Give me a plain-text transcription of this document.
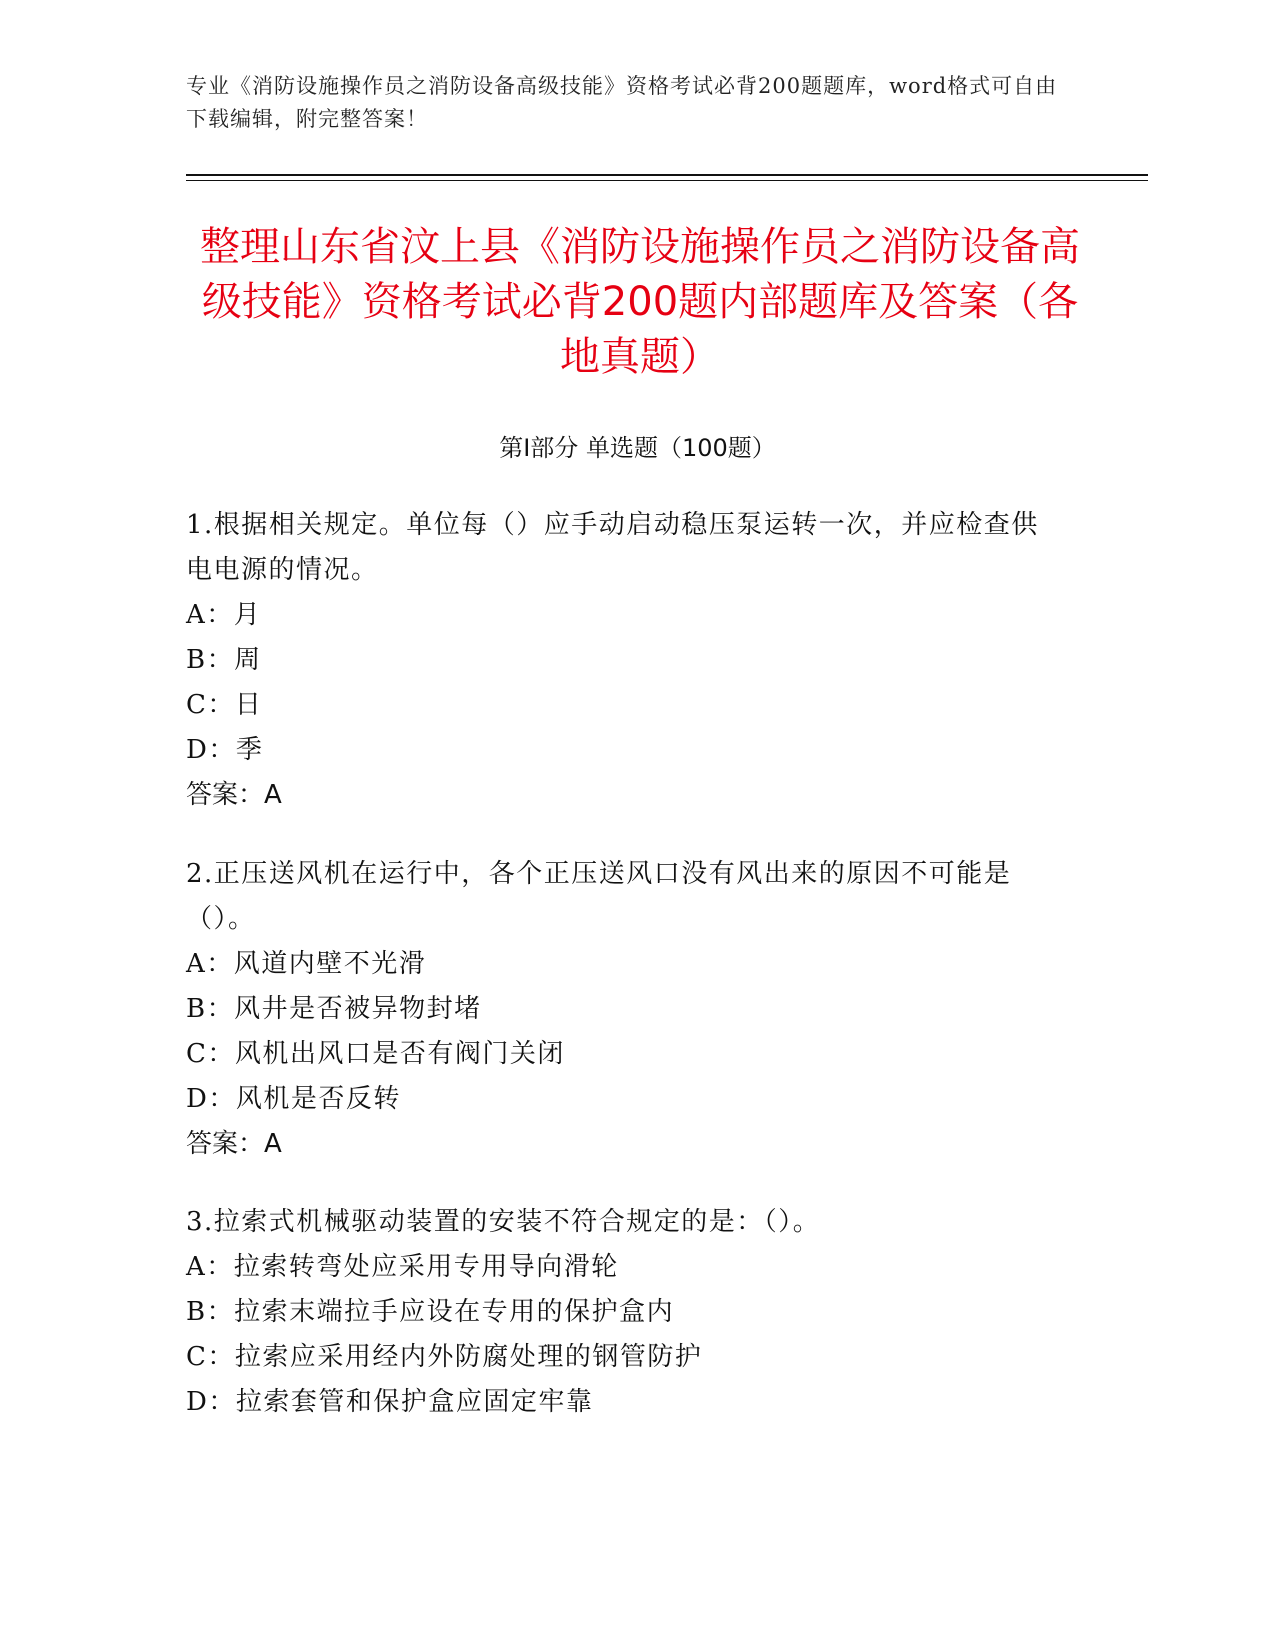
专业《消防设施操作员之消防设备高级技能》资格考试必背200题题库，word格式可自由下载编辑，附完整答案！
整理山东省汶上县《消防设施操作员之消防设备高级技能》资格考试必背200题内部题库及答案（各地真题）
第Ⅰ部分 单选题（100题）

1.根据相关规定。单位每（）应手动启动稳压泵运转一次，并应检查供电电源的情况。

A：月

B：周

C：日

D：季

答案：A

2.正压送风机在运行中，各个正压送风口没有风出来的原因不可能是（）。

A：风道内壁不光滑

B：风井是否被异物封堵

C：风机出风口是否有阀门关闭

D：风机是否反转

答案：A

3.拉索式机械驱动装置的安装不符合规定的是：（）。

A：拉索转弯处应采用专用导向滑轮

B：拉索末端拉手应设在专用的保护盒内

C：拉索应采用经内外防腐处理的钢管防护

D：拉索套管和保护盒应固定牢靠
